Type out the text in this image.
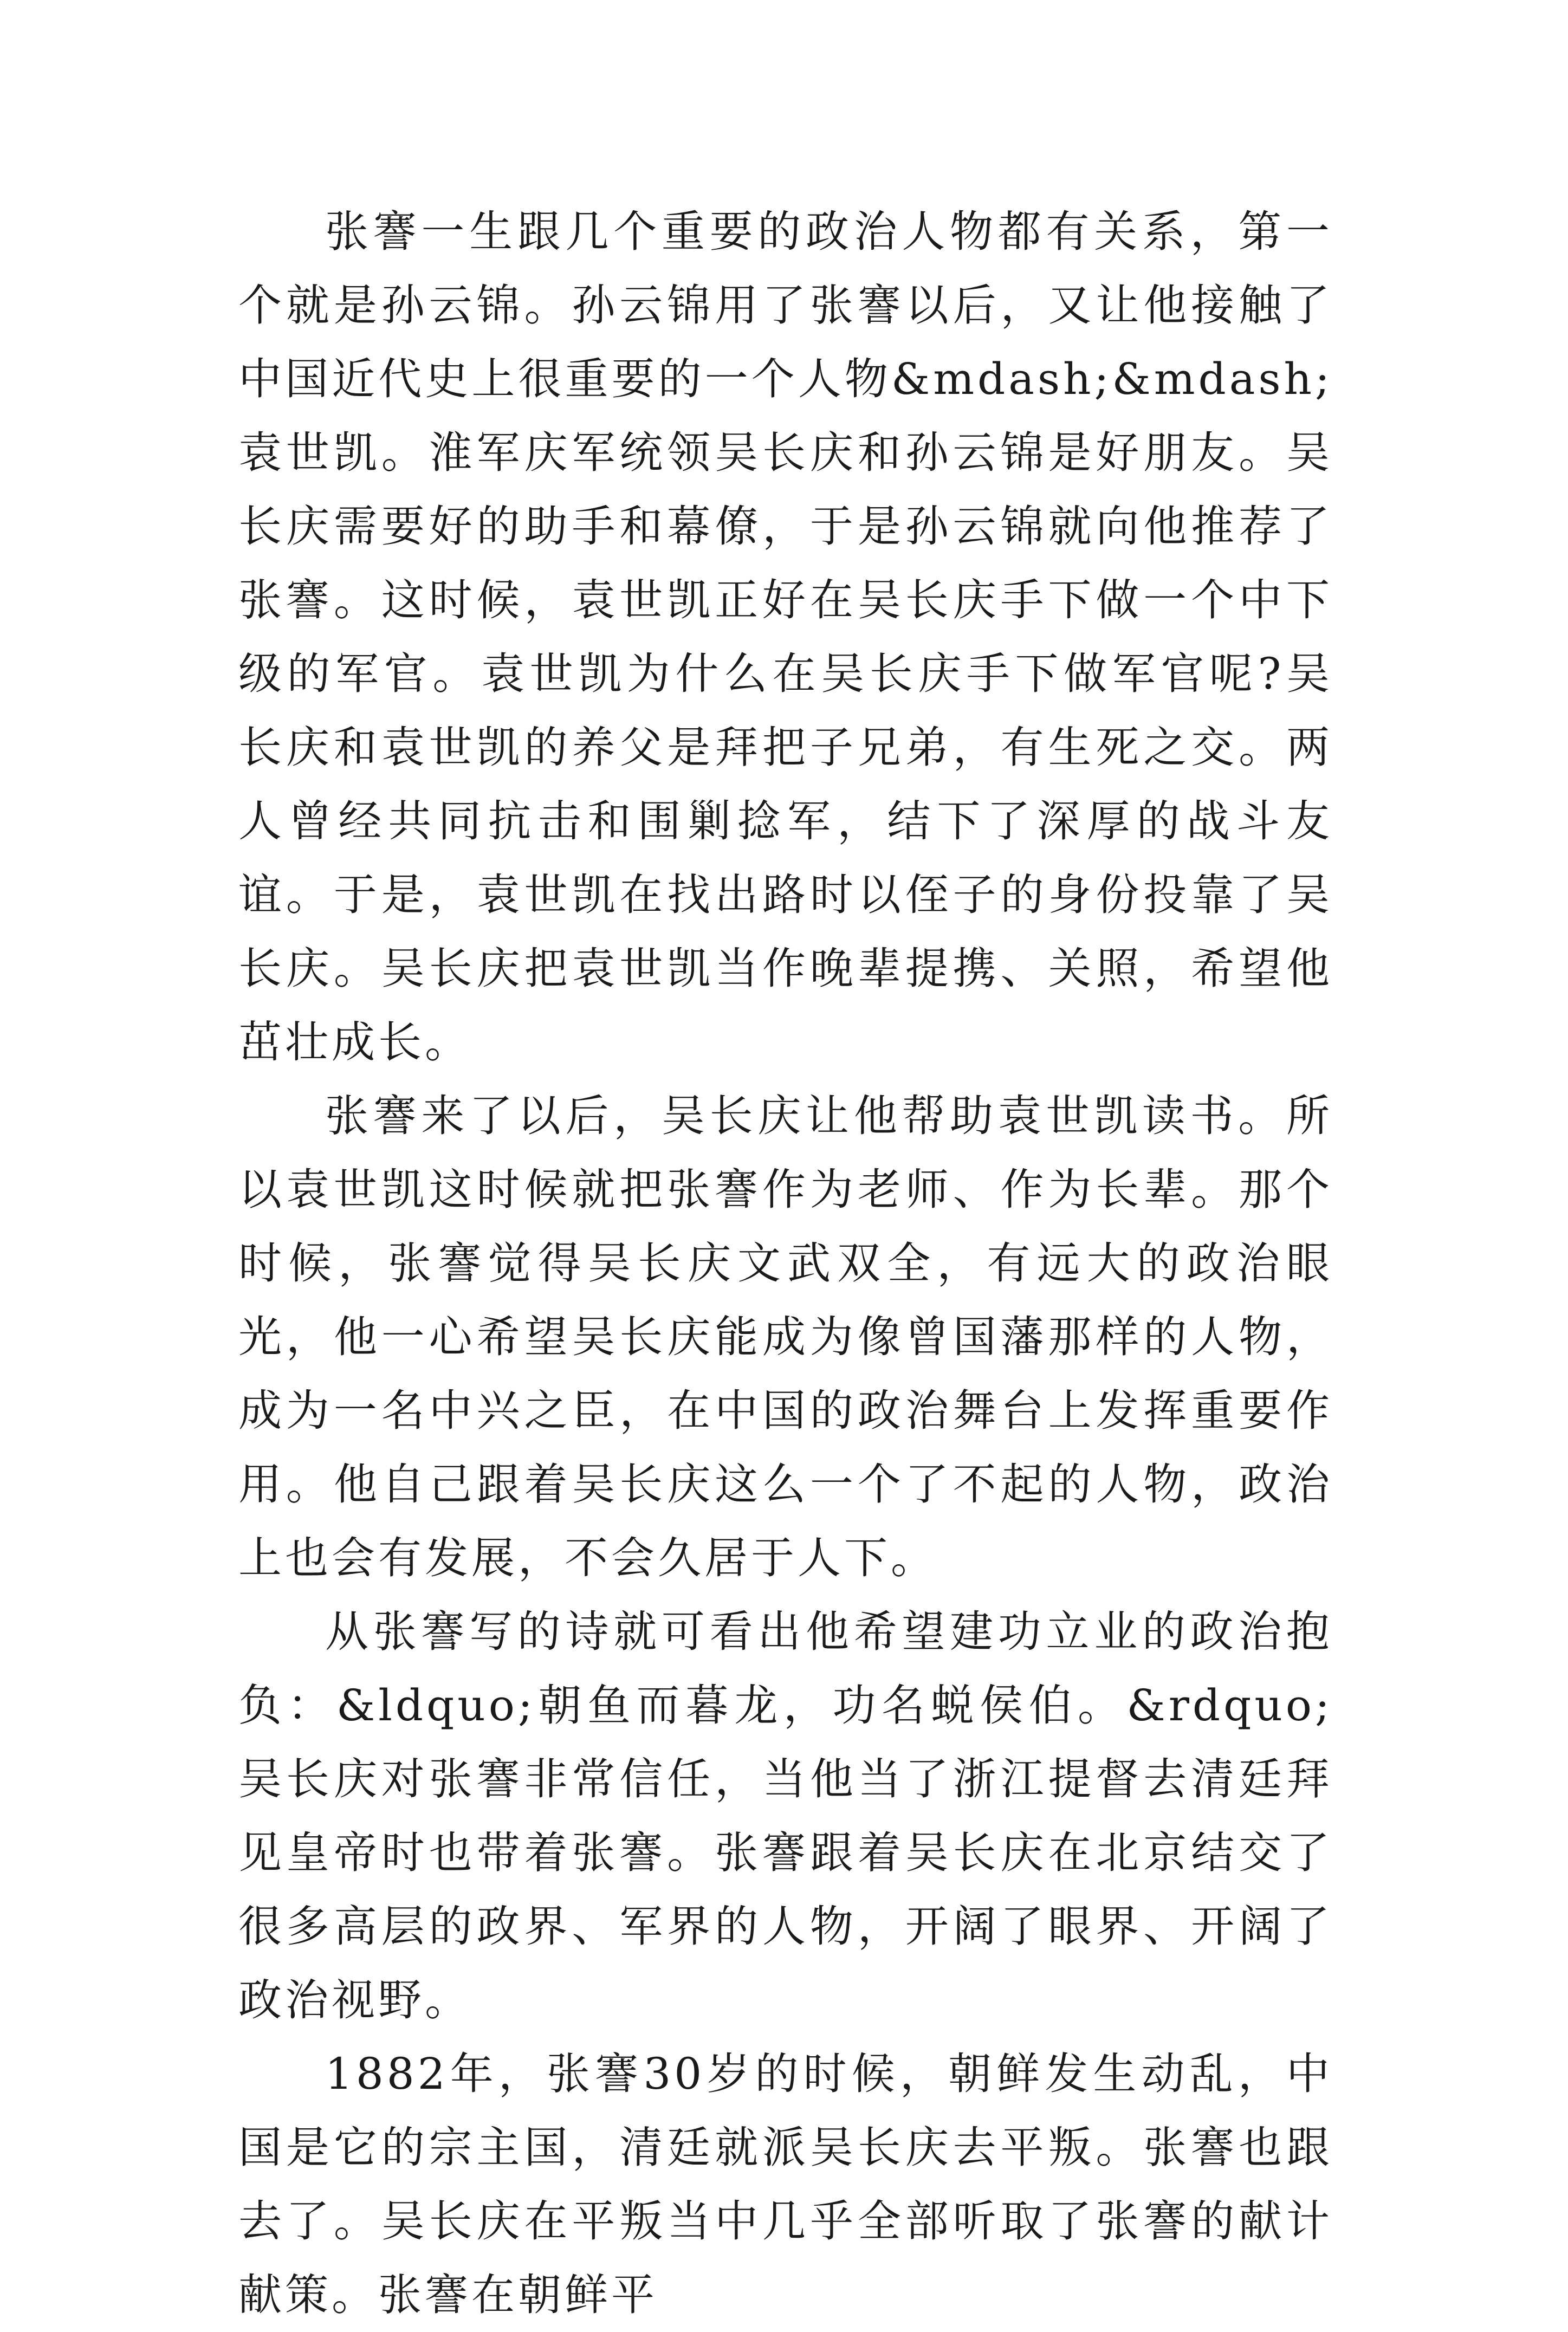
张謇一生跟几个重要的政治人物都有关系，第一个就是孙云锦。孙云锦用了张謇以后，又让他接触了中国近代史上很重要的一个人物&mdash;&mdash;袁世凯。淮军庆军统领吴长庆和孙云锦是好朋友。吴长庆需要好的助手和幕僚，于是孙云锦就向他推荐了张謇。这时候，袁世凯正好在吴长庆手下做一个中下级的军官。袁世凯为什么在吴长庆手下做军官呢?吴长庆和袁世凯的养父是拜把子兄弟，有生死之交。两人曾经共同抗击和围剿捻军，结下了深厚的战斗友谊。于是，袁世凯在找出路时以侄子的身份投靠了吴长庆。吴长庆把袁世凯当作晚辈提携、关照，希望他茁壮成长。

张謇来了以后，吴长庆让他帮助袁世凯读书。所以袁世凯这时候就把张謇作为老师、作为长辈。那个时候，张謇觉得吴长庆文武双全，有远大的政治眼光，他一心希望吴长庆能成为像曾国藩那样的人物，成为一名中兴之臣，在中国的政治舞台上发挥重要作用。他自己跟着吴长庆这么一个了不起的人物，政治上也会有发展，不会久居于人下。

从张謇写的诗就可看出他希望建功立业的政治抱负：&ldquo;朝鱼而暮龙，功名蜕侯伯。&rdquo;吴长庆对张謇非常信任，当他当了浙江提督去清廷拜见皇帝时也带着张謇。张謇跟着吴长庆在北京结交了很多高层的政界、军界的人物，开阔了眼界、开阔了政治视野。

1882年，张謇30岁的时候，朝鲜发生动乱，中国是它的宗主国，清廷就派吴长庆去平叛。张謇也跟去了。吴长庆在平叛当中几乎全部听取了张謇的献计献策。张謇在朝鲜平
